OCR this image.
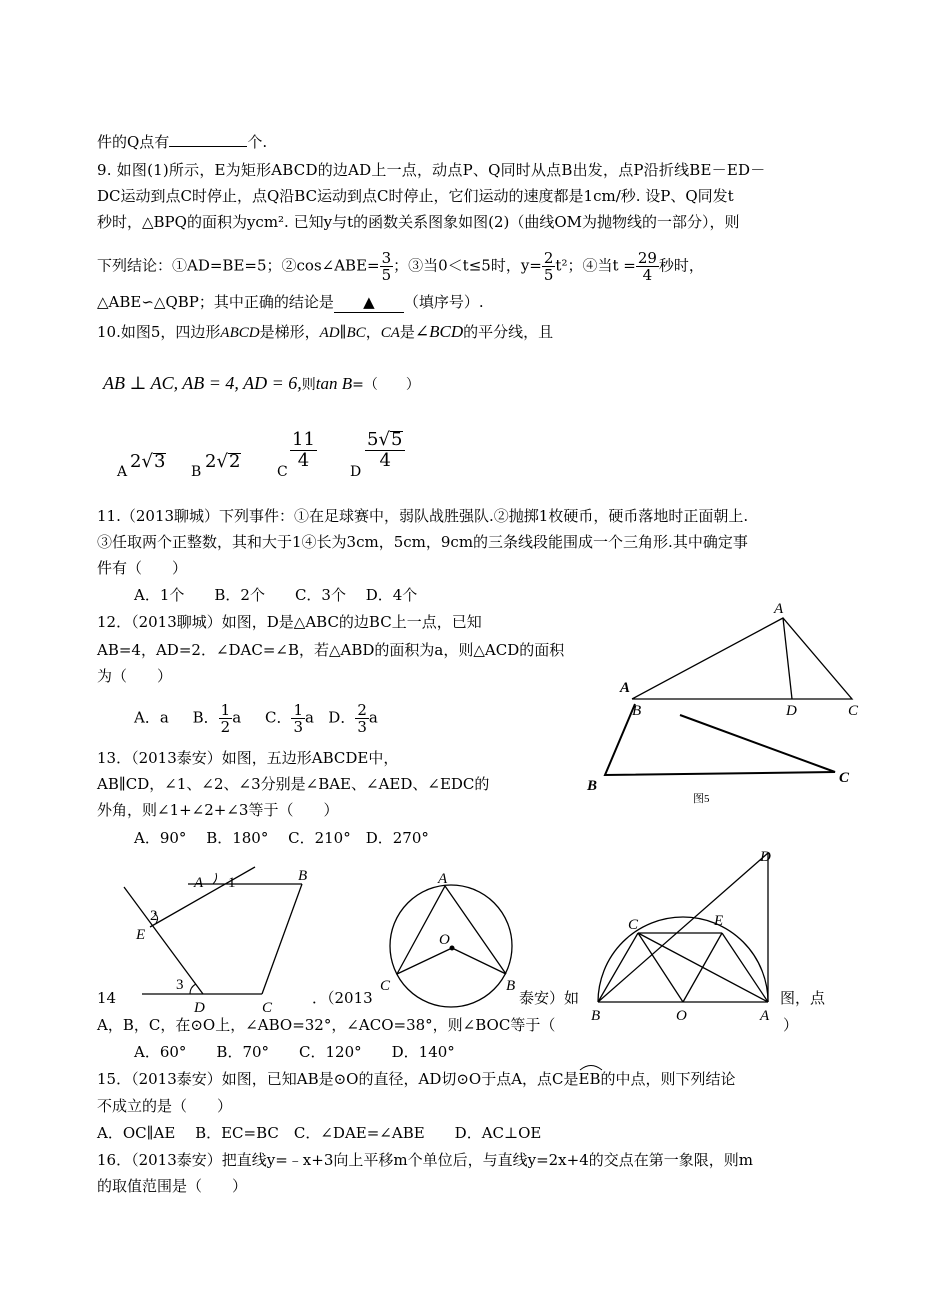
件的Q点有	个.
9. 如图(1)所示，E为矩形ABCD的边AD上一点，动点P、Q同时从点B出发，点P沿折线BE－ED－
DC运动到点C时停止，点Q沿BC运动到点C时停止，它们运动的速度都是1cm/秒. 设P、Q同发t
秒时，△BPQ的面积为ycm². 已知y与t的函数关系图象如图(2)（曲线OM为抛物线的一部分），则
下列结论：①AD=BE=5；②cos∠ABE= $\frac{3}{5}$ ；③当0＜t≤5时，$y= \frac{2}{5} t^2$；④当$t = \frac{29}{4}$ 秒时，
△ABE∽△QBP；其中正确的结论是 ▲ （填序号）.
10.如图5，四边形ABCD是梯形，AD∥BC，CA是∠BCD的平分线，且
AB ⊥ AC, AB = 4, AD = 6,则tan B=（　　）
A 2√3 B 2√2	C
$\frac{11}{4}$
D
$\frac{5√5}{4}$
11.（2013聊城）下列事件：①在足球赛中，弱队战胜强队.②抛掷1枚硬币，硬币落地时正面朝上.
③任取两个正整数，其和大于1④长为3cm，5cm，9cm的三条线段能围成一个三角形.其中确定事
件有（　　）
A．1个　　B．2个　　C．3个　 D．4个
12．（2013聊城）如图，D是△ABC的边BC上一点，已知
AB=4，AD=2．∠DAC=∠B，若△ABD的面积为a，则△ACD的面积
为（　　）
A．a B． $\frac{1}{2}$ a C． $\frac{1}{3}$ a D． $\frac{2}{3}$ a
13．（2013泰安）如图，五边形ABCDE中，
AB∥CD，∠1、∠2、∠3分别是∠BAE、∠AED、∠EDC的
外角，则∠1+∠2+∠3等于（　　）
A．90°　 B．180°　 C．210°　D．270°
14	．（2013	泰安）如	图，点
A，B，C，在⊙O上，∠ABO=32°，∠ACO=38°，则∠BOC等于（	）
A．60°　　B．70°　　C．120°　　D．140°
15．（2013泰安）如图，已知AB是⊙O的直径，AD切⊙O于点A，点C是
EB的中点，则下列结论
不成立的是（　　）
A．OC∥AE　 B．EC=BC　C．∠DAE=∠ABE　　D．AC⊥OE
16．（2013泰安）把直线y=﹣x+3向上平移m个单位后，与直线y=2x+4的交点在第一象限，则m
的取值范围是（　　）
A
B	D	C
A
B	C
图5
A 1	B
2
E
3
D	C
A
O
C	B
D
C	E
B	O	A
